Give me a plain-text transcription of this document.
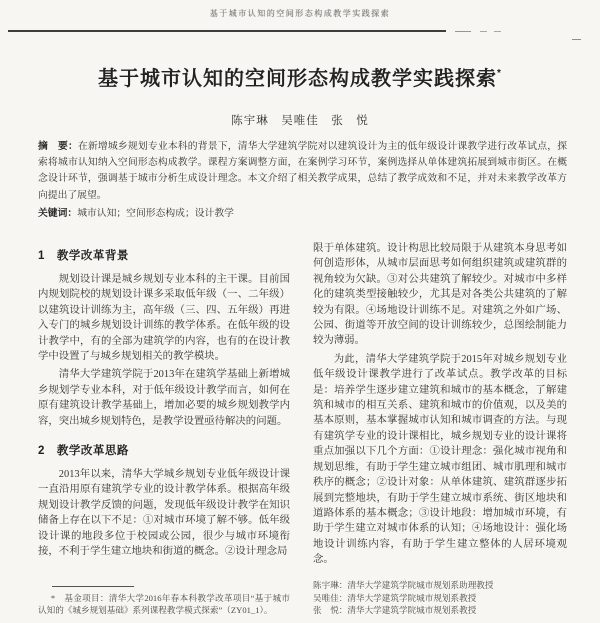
基于城市认知的空间形态构成教学实践探索
基于城市认知的空间形态构成教学实践探索*
陈宇琳　吴唯佳　张　悦
摘　要：在新增城乡规划专业本科的背景下，清华大学建筑学院对以建筑设计为主的低年级设计课教学进行改革试点，探索将城市认知纳入空间形态构成教学。课程方案调整方面，在案例学习环节，案例选择从单体建筑拓展到城市街区。在概念设计环节，强调基于城市分析生成设计理念。本文介绍了相关教学成果，总结了教学成效和不足，并对未来教学改革方向提出了展望。
关键词：城市认知；空间形态构成；设计教学
1　教学改革背景

规划设计课是城乡规划专业本科的主干课。目前国内规划院校的规划设计课多采取低年级（一、二年级）以建筑设计训练为主，高年级（三、四、五年级）再进入专门的城乡规划设计训练的教学体系。在低年级的设计教学中，有的全部为建筑学的内容，也有的在设计教学中设置了与城乡规划相关的教学模块。

清华大学建筑学院于2013年在建筑学基础上新增城乡规划学专业本科，对于低年级设计教学而言，如何在原有建筑设计教学基础上，增加必要的城乡规划教学内容，突出城乡规划特色，是教学设置亟待解决的问题。

2　教学改革思路

2013年以来，清华大学城乡规划专业低年级设计课一直沿用原有建筑学专业的设计教学体系。根据高年级规划设计教学反馈的问题，发现低年级设计教学在知识储备上存在以下不足：①对城市环境了解不够。低年级设计课的地段多位于校园或公园，很少与城市环境衔接，不利于学生建立地块和街道的概念。②设计理念局

*　基金项目：清华大学2016年春本科教学改革项目“基于城市认知的《城乡规划基础》系列课程教学模式探索”（ZY01_1）。

限于单体建筑。设计构思比较局限于从建筑本身思考如何创造形体，从城市层面思考如何组织建筑或建筑群的视角较为欠缺。③对公共建筑了解较少。对城市中多样化的建筑类型接触较少，尤其是对各类公共建筑的了解较为有限。④场地设计训练不足。对建筑之外如广场、公园、街道等开放空间的设计训练较少，总图绘制能力较为薄弱。

为此，清华大学建筑学院于2015年对城乡规划专业低年级设计课教学进行了改革试点。教学改革的目标是：培养学生逐步建立建筑和城市的基本概念，了解建筑和城市的相互关系、建筑和城市的价值观，以及美的基本原则，基本掌握城市认知和城市调查的方法。与现有建筑学专业的设计课相比，城乡规划专业的设计课将重点加强以下几个方面：①设计理念：强化城市视角和规划思维，有助于学生建立城市组团、城市肌理和城市秩序的概念；②设计对象：从单体建筑、建筑群逐步拓展到完整地块，有助于学生建立城市系统、街区地块和道路体系的基本概念；③设计地段：增加城市环境，有助于学生建立对城市体系的认知；④场地设计：强化场地设计训练内容，有助于学生建立整体的人居环境观念。

陈宇琳：清华大学建筑学院城市规划系助理教授
吴唯佳：清华大学建筑学院城市规划系教授
张　悦：清华大学建筑学院城市规划系教授
